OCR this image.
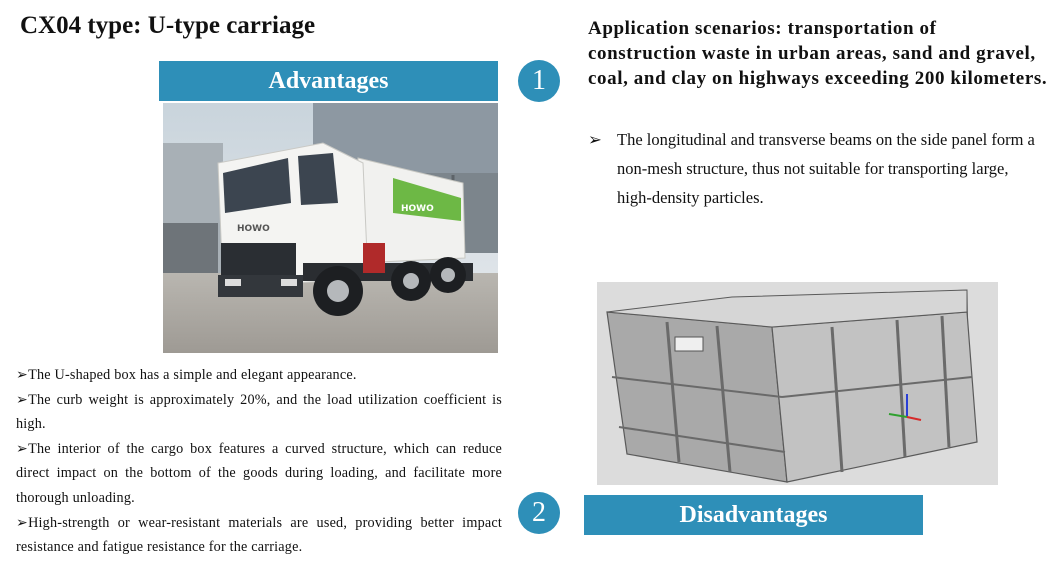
CX04 type: U-type carriage
Advantages	1
2	Disadvantages
HOWO
HOWO

➢The U-shaped box has a simple and elegant appearance.

➢The curb weight is approximately 20%, and the load utilization coefficient is high.

➢The interior of the cargo box features a curved structure, which can reduce direct impact on the bottom of the goods during loading, and facilitate more thorough unloading.

➢High-strength or wear-resistant materials are used, providing better impact resistance and fatigue resistance for the carriage.

Application scenarios: transportation of construction waste in urban areas, sand and gravel, coal, and clay on highways exceeding 200 kilometers.

➢ The longitudinal and transverse beams on the side panel form a non-mesh structure, thus not suitable for transporting large, high-density particles.
